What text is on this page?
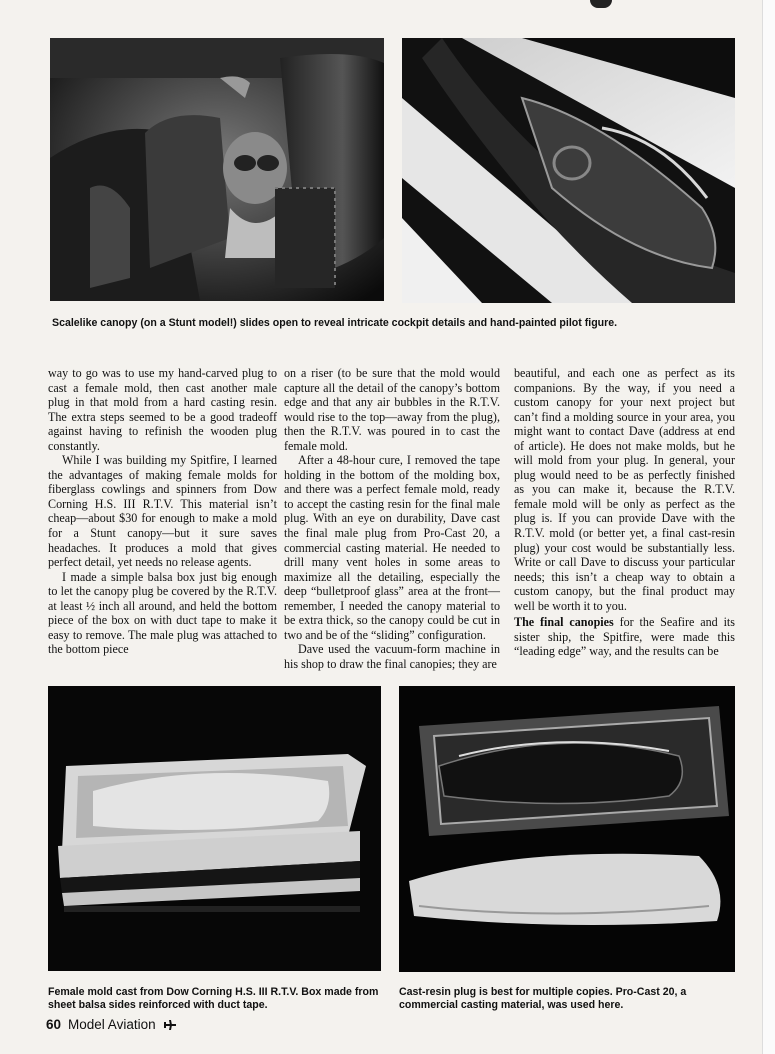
Scalelike canopy (on a Stunt model!) slides open to reveal intricate cockpit details and hand-painted pilot figure.

way to go was to use my hand-carved plug to cast a female mold, then cast another male plug in that mold from a hard casting resin. The extra steps seemed to be a good tradeoff against having to refinish the wooden plug constantly.

While I was building my Spitfire, I learned the advantages of making female molds for fiberglass cowlings and spinners from Dow Corning H.S. III R.T.V. This material isn’t cheap—about $30 for enough to make a mold for a Stunt canopy—but it sure saves headaches. It produces a mold that gives perfect detail, yet needs no release agents.

I made a simple balsa box just big enough to let the canopy plug be covered by the R.T.V. at least ½ inch all around, and held the bottom piece of the box on with duct tape to make it easy to remove. The male plug was attached to the bottom piece

on a riser (to be sure that the mold would capture all the detail of the canopy’s bottom edge and that any air bubbles in the R.T.V. would rise to the top—away from the plug), then the R.T.V. was poured in to cast the female mold.

After a 48-hour cure, I removed the tape holding in the bottom of the molding box, and there was a perfect female mold, ready to accept the casting resin for the final male plug. With an eye on durability, Dave cast the final male plug from Pro-Cast 20, a commercial casting material. He needed to drill many vent holes in some areas to maximize all the detailing, especially the deep “bulletproof glass” area at the front—remember, I needed the canopy material to be extra thick, so the canopy could be cut in two and be of the “sliding” configuration.

Dave used the vacuum-form machine in his shop to draw the final canopies; they are

beautiful, and each one as perfect as its companions. By the way, if you need a custom canopy for your next project but can’t find a molding source in your area, you might want to contact Dave (address at end of article). He does not make molds, but he will mold from your plug. In general, your plug would need to be as perfectly finished as you can make it, because the R.T.V. female mold will be only as perfect as the plug is. If you can provide Dave with the R.T.V. mold (or better yet, a final cast-resin plug) your cost would be substantially less. Write or call Dave to discuss your particular needs; this isn’t a cheap way to obtain a custom canopy, but the final product may well be worth it to you.

The final canopies for the Seafire and its sister ship, the Spitfire, were made this “leading edge” way, and the results can be

Female mold cast from Dow Corning H.S. III R.T.V. Box made from sheet balsa sides reinforced with duct tape.
Cast-resin plug is best for multiple copies. Pro-Cast 20, a commercial casting material, was used here.
60 Model Aviation
